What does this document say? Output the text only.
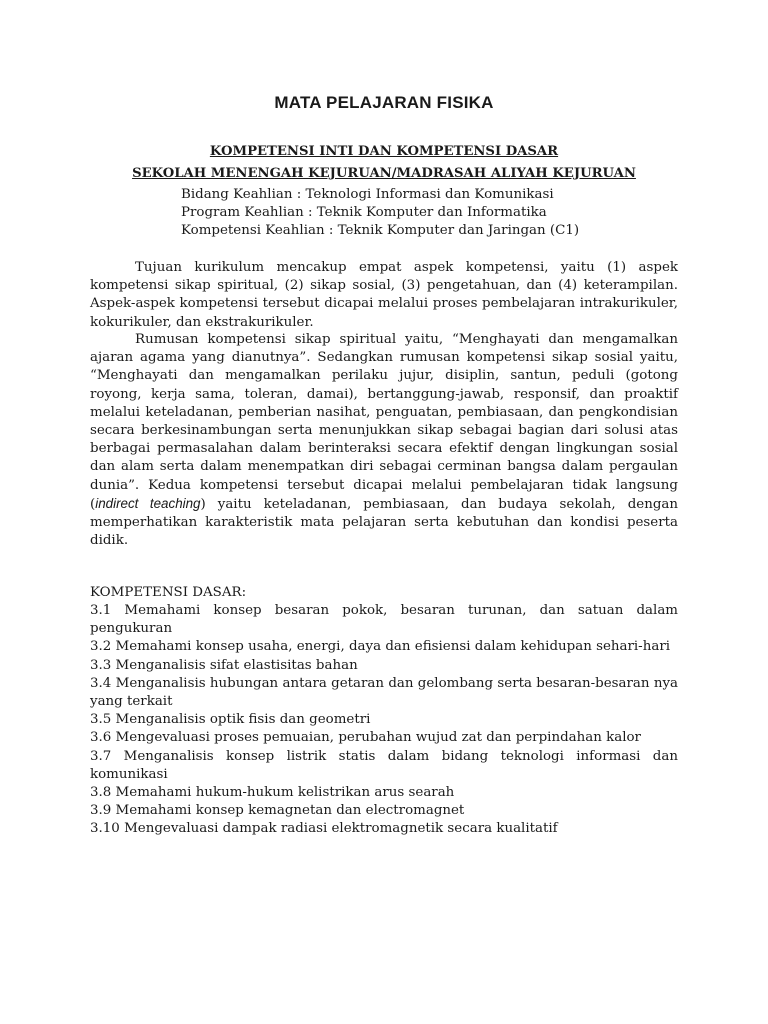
MATA PELAJARAN FISIKA
KOMPETENSI INTI DAN KOMPETENSI DASAR
SEKOLAH MENENGAH KEJURUAN/MADRASAH ALIYAH KEJURUAN
Bidang Keahlian : Teknologi Informasi dan Komunikasi
Program Keahlian : Teknik Komputer dan Informatika
Kompetensi Keahlian : Teknik Komputer dan Jaringan (C1)

Tujuan kurikulum mencakup empat aspek kompetensi, yaitu (1) aspek kompetensi sikap spiritual, (2) sikap sosial, (3) pengetahuan, dan (4) keterampilan. Aspek-aspek kompetensi tersebut dicapai melalui proses pembelajaran intrakurikuler, kokurikuler, dan ekstrakurikuler.

Rumusan kompetensi sikap spiritual yaitu, “Menghayati dan mengamalkan ajaran agama yang dianutnya”. Sedangkan rumusan kompetensi sikap sosial yaitu, “Menghayati dan mengamalkan perilaku jujur, disiplin, santun, peduli (gotong royong, kerja sama, toleran, damai), bertanggung-jawab, responsif, dan proaktif melalui keteladanan, pemberian nasihat, penguatan, pembiasaan, dan pengkondisian secara berkesinambungan serta menunjukkan sikap sebagai bagian dari solusi atas berbagai permasalahan dalam berinteraksi secara efektif dengan lingkungan sosial dan alam serta dalam menempatkan diri sebagai cerminan bangsa dalam pergaulan dunia”. Kedua kompetensi tersebut dicapai melalui pembelajaran tidak langsung (indirect teaching) yaitu keteladanan, pembiasaan, dan budaya sekolah, dengan memperhatikan karakteristik mata pelajaran serta kebutuhan dan kondisi peserta didik.

KOMPETENSI DASAR:
3.1 Memahami konsep besaran pokok, besaran turunan, dan satuan dalam pengukuran
3.2 Memahami konsep usaha, energi, daya dan efisiensi dalam kehidupan sehari-hari
3.3 Menganalisis sifat elastisitas bahan
3.4 Menganalisis hubungan antara getaran dan gelombang serta besaran-besaran nya yang terkait
3.5 Menganalisis optik fisis dan geometri
3.6 Mengevaluasi proses pemuaian, perubahan wujud zat dan perpindahan kalor
3.7 Menganalisis konsep listrik statis dalam bidang teknologi informasi dan komunikasi
3.8 Memahami hukum-hukum kelistrikan arus searah
3.9 Memahami konsep kemagnetan dan electromagnet
3.10 Mengevaluasi dampak radiasi elektromagnetik secara kualitatif
